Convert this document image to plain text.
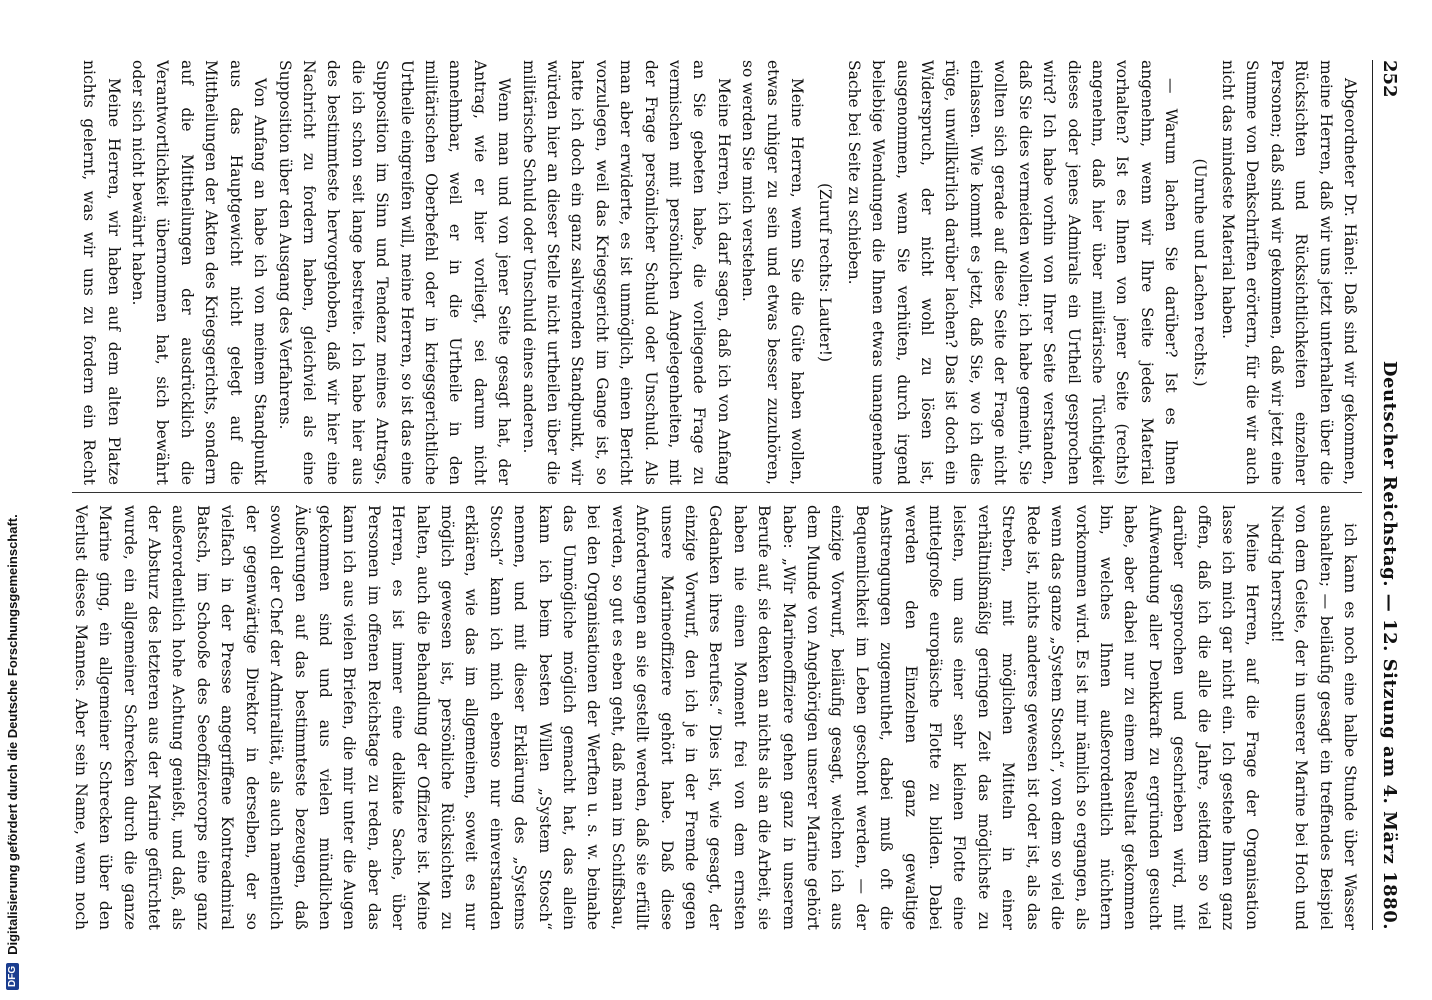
252
Deutscher Reichstag. — 12. Sitzung am 4. März 1880.

Abgeordneter Dr. Hänel: Daß sind wir gekommen, meine Herren, daß wir uns jetzt unterhalten über die Rücksichten und Rücksichtlichkeiten einzelner Personen; daß sind wir gekommen, daß wir jetzt eine Summe von Denkschriften erörtern, für die wir auch nicht das mindeste Material haben.

(Unruhe und Lachen rechts.)

— Warum lachen Sie darüber? Ist es Ihnen angenehm, wenn wir Ihre Seite jedes Material vorhalten? Ist es Ihnen von jener Seite (rechts) angenehm, daß hier über militärische Tüchtigkeit dieses oder jenes Admirals ein Urtheil gesprochen wird? Ich habe vorhin von Ihrer Seite verstanden, daß Sie dies vermeiden wollen; ich habe gemeint, Sie wollten sich gerade auf diese Seite der Frage nicht einlassen. Wie kommt es jetzt, daß Sie, wo ich dies rüge, unwillkürlich darüber lachen? Das ist doch ein Widerspruch, der nicht wohl zu lösen ist, ausgenommen, wenn Sie verhüten, durch irgend beliebige Wendungen die Ihnen etwas unangenehme Sache bei Seite zu schieben.

(Zuruf rechts: Lauter!)

Meine Herren, wenn Sie die Güte haben wollen, etwas ruhiger zu sein und etwas besser zuzuhören, so werden Sie mich verstehen.

Meine Herren, ich darf sagen, daß ich von Anfang an Sie gebeten habe, die vorliegende Frage zu vermischen mit persönlichen Angelegenheiten, mit der Frage persönlicher Schuld oder Unschuld. Als man aber erwiderte, es ist unmöglich, einen Bericht vorzulegen, weil das Kriegsgericht im Gange ist, so hatte ich doch ein ganz salvirenden Standpunkt, wir würden hier an dieser Stelle nicht urtheilen über die militärische Schuld oder Unschuld eines anderen.

Wenn man und von jener Seite gesagt hat, der Antrag, wie er hier vorliegt, sei darum nicht annehmbar, weil er in die Urtheile in den militärischen Oberbefehl oder in kriegsgerichtliche Urtheile eingreifen will, meine Herren, so ist das eine Supposition im Sinn und Tendenz meines Antrags, die ich schon seit lange bestreite. Ich habe hier aus des bestimmteste hervorgehoben, daß wir hier eine Nachricht zu fordern haben, gleichviel als eine Supposition über den Ausgang des Verfahrens.

Von Anfang an habe ich von meinem Standpunkt aus das Hauptgewicht nicht gelegt auf die Mittheilungen der Akten des Kriegsgerichts, sondern auf die Mittheilungen der ausdrücklich die Verantwortlichkeit übernommen hat, sich bewährt oder sich nicht bewährt haben.

Meine Herren, wir haben auf dem alten Platze nichts gelernt, was wir uns zu fordern ein Recht

ich kann es noch eine halbe Stunde über Wasser aushalten; — beiläufig gesagt ein treffendes Beispiel von dem Geiste, der in unserer Marine bei Hoch und Niedrig herrscht!

Meine Herren, auf die Frage der Organisation lasse ich mich gar nicht ein. Ich gestehe Ihnen ganz offen, daß ich die alle die Jahre, seitdem so viel darüber gesprochen und geschrieben wird, mit Aufwendung aller Denkkraft zu ergründen gesucht habe, aber dabei nur zu einem Resultat gekommen bin, welches Ihnen außerordentlich nüchtern vorkommen wird. Es ist mir nämlich so ergangen, als wenn das ganze „System Stosch“, von dem so viel die Rede ist, nichts anderes gewesen ist oder ist, als das Streben, mit möglichen Mitteln in einer verhältnißmäßig geringen Zeit das möglichste zu leisten, um aus einer sehr kleinen Flotte eine mittelgroße europäische Flotte zu bilden. Dabei werden den Einzelnen ganz gewaltige Anstrengungen zugemuthet, dabei muß oft die Bequemlichkeit im Leben geschont werden, — der einzige Vorwurf, beiläufig gesagt, welchen ich aus dem Munde von Angehörigen unserer Marine gehört habe: „Wir Marineoffiziere gehen ganz in unserem Berufe auf, sie denken an nichts als an die Arbeit, sie haben nie einen Moment frei von dem ernsten Gedanken ihres Berufes.“ Dies ist, wie gesagt, der einzige Vorwurf, den ich je in der Fremde gegen unsere Marineoffiziere gehört habe. Daß diese Anforderungen an sie gestellt werden, daß sie erfüllt werden, so gut es eben geht, daß man im Schiffsbau, bei den Organisationen der Werften u. s. w. beinahe das Unmögliche möglich gemacht hat, das allein kann ich beim besten Willen „System Stosch“ nennen, und mit dieser Erklärung des „Systems Stosch“ kann ich mich ebenso nur einverstanden erklären, wie das im allgemeinen, soweit es nur möglich gewesen ist, persönliche Rücksichten zu halten, auch die Behandlung der Offiziere ist. Meine Herren, es ist immer eine delikate Sache, über Personen im offenen Reichstage zu reden, aber das kann ich aus vielen Briefen, die mir unter die Augen gekommen sind und aus vielen mündlichen Äußerungen auf das bestimmteste bezeugen, daß sowohl der Chef der Admiralität, als auch namentlich der gegenwärtige Direktor in derselben, der so vielfach in der Presse angegriffene Kontreadmiral Batsch, im Schooße des Seeoffiziercorps eine ganz außerordentlich hohe Achtung genießt, und daß, als der Absturz des letzteren aus der Marine gefürchtet wurde, ein allgemeiner Schrecken durch die ganze Marine ging, ein allgemeiner Schrecken über den Verlust dieses Mannes. Aber sein Name, wenn noch

DFG
Digitalisierung gefördert durch die Deutsche Forschungsgemeinschaft.
